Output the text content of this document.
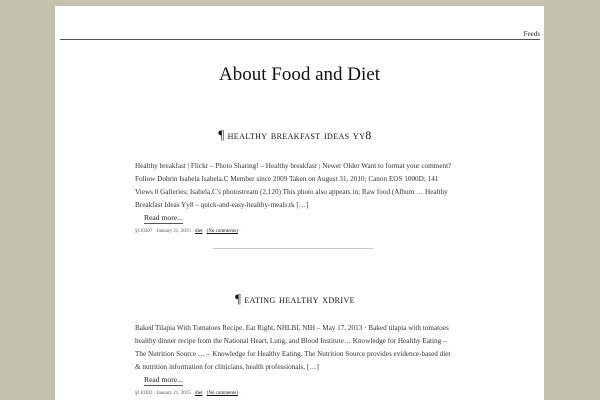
Feeds
About Food and Diet
¶ healthy breakfast ideas yy8

Healthy breakfast | Flickr – Photo Sharing! – Healthy breakfast ; Newer Older Want to format your comment? Follow Dobrin Isabela Isabela.C Member since 2009 Taken on August 31, 2010; Canon EOS 1000D; 141 Views 0 Galleries; Isabela.C's photostream (2,120) This photo also appears in; Raw food (Album … Healthy Breakfast Ideas Yy8 – quick-and-easy-healthy-meals.tk […]
Read more...

§110307 · January 21, 2015 · diet · (No comments) ·

¶ eating healthy xdrive

Baked Tilapia With Tomatoes Recipe, Eat Right, NHLBI, NIH – May 17, 2013 · Baked tilapia with tomatoes healthy dinner recipe from the National Heart, Lung, and Blood Institute… Knowledge for Healthy Eating – The Nutrition Source … – Knowledge for Healthy Eating. The Nutrition Source provides evidence-based diet & nutrition information for clinicians, health professionals, […]
Read more...

§110302 · January 21, 2015 · diet · (No comments) ·
